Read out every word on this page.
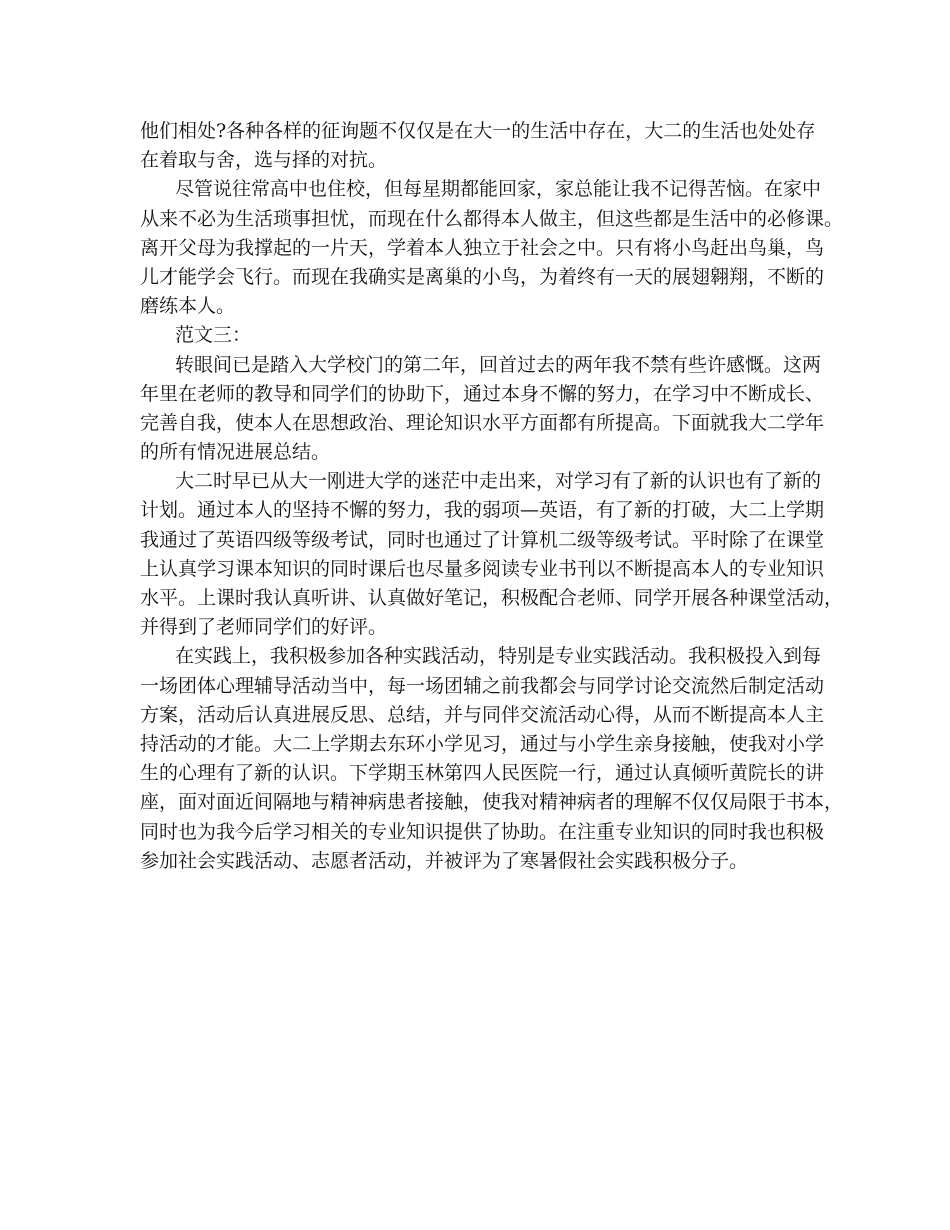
他们相处?各种各样的征询题不仅仅是在大一的生活中存在，大二的生活也处处存
在着取与舍，选与择的对抗。
尽管说往常高中也住校，但每星期都能回家，家总能让我不记得苦恼。在家中
从来不必为生活琐事担忧，而现在什么都得本人做主，但这些都是生活中的必修课。
离开父母为我撑起的一片天，学着本人独立于社会之中。只有将小鸟赶出鸟巢，鸟
儿才能学会飞行。而现在我确实是离巢的小鸟，为着终有一天的展翅翱翔，不断的
磨练本人。
范文三：
转眼间已是踏入大学校门的第二年，回首过去的两年我不禁有些许感慨。这两
年里在老师的教导和同学们的协助下，通过本身不懈的努力，在学习中不断成长、
完善自我，使本人在思想政治、理论知识水平方面都有所提高。下面就我大二学年
的所有情况进展总结。
大二时早已从大一刚进大学的迷茫中走出来，对学习有了新的认识也有了新的
计划。通过本人的坚持不懈的努力，我的弱项—英语，有了新的打破，大二上学期
我通过了英语四级等级考试，同时也通过了计算机二级等级考试。平时除了在课堂
上认真学习课本知识的同时课后也尽量多阅读专业书刊以不断提高本人的专业知识
水平。上课时我认真听讲、认真做好笔记，积极配合老师、同学开展各种课堂活动，
并得到了老师同学们的好评。
在实践上，我积极参加各种实践活动，特别是专业实践活动。我积极投入到每
一场团体心理辅导活动当中，每一场团辅之前我都会与同学讨论交流然后制定活动
方案，活动后认真进展反思、总结，并与同伴交流活动心得，从而不断提高本人主
持活动的才能。大二上学期去东环小学见习，通过与小学生亲身接触，使我对小学
生的心理有了新的认识。下学期玉林第四人民医院一行，通过认真倾听黄院长的讲
座，面对面近间隔地与精神病患者接触，使我对精神病者的理解不仅仅局限于书本，
同时也为我今后学习相关的专业知识提供了协助。在注重专业知识的同时我也积极
参加社会实践活动、志愿者活动，并被评为了寒暑假社会实践积极分子。
